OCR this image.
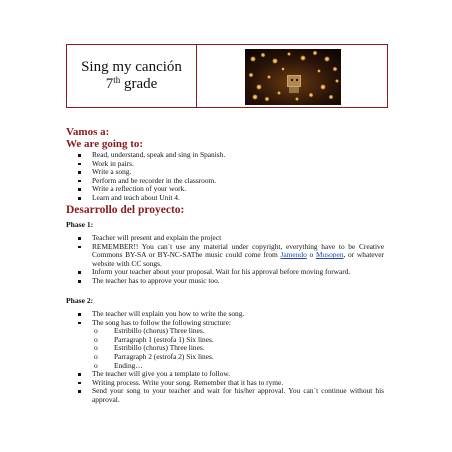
Sing my canción
7th grade
Vamos a:
We are going to:
Read, understand, speak and sing in Spanish.
Work in pairs.
Write a song.
Perform and be recorder in the classroom.
Write a reflection of your work.
Learn and teach about Unit 4.
Desarrollo del proyecto:
Phase 1:
Teacher will present and explain the project
REMEMBER!! You can´t use any material under copyright, everything have to be Creative Commons BY-SA or BY-NC-SAThe music could come from Jamendo o Musopen, or whatever website with CC songs.
Inform your teacher about your proposal. Wait for his approval before moving forward.
The teacher has to approve your music too.
Phase 2:
The teacher will explain you how to write the song.
The song has to follow the following structure:
o Estribillo (chorus) Three lines.
o Parragraph 1 (estrofa 1) Six lines.
o Estribillo (chorus) Three lines.
o Parragraph 2 (estrofa 2) Six lines.
o Ending…
The teacher will give you a template to follow.
Writing process. Write your song. Remember that it has to ryme.
Send your song to your teacher and wait for his/her approval. You can´t continue without his approval.
